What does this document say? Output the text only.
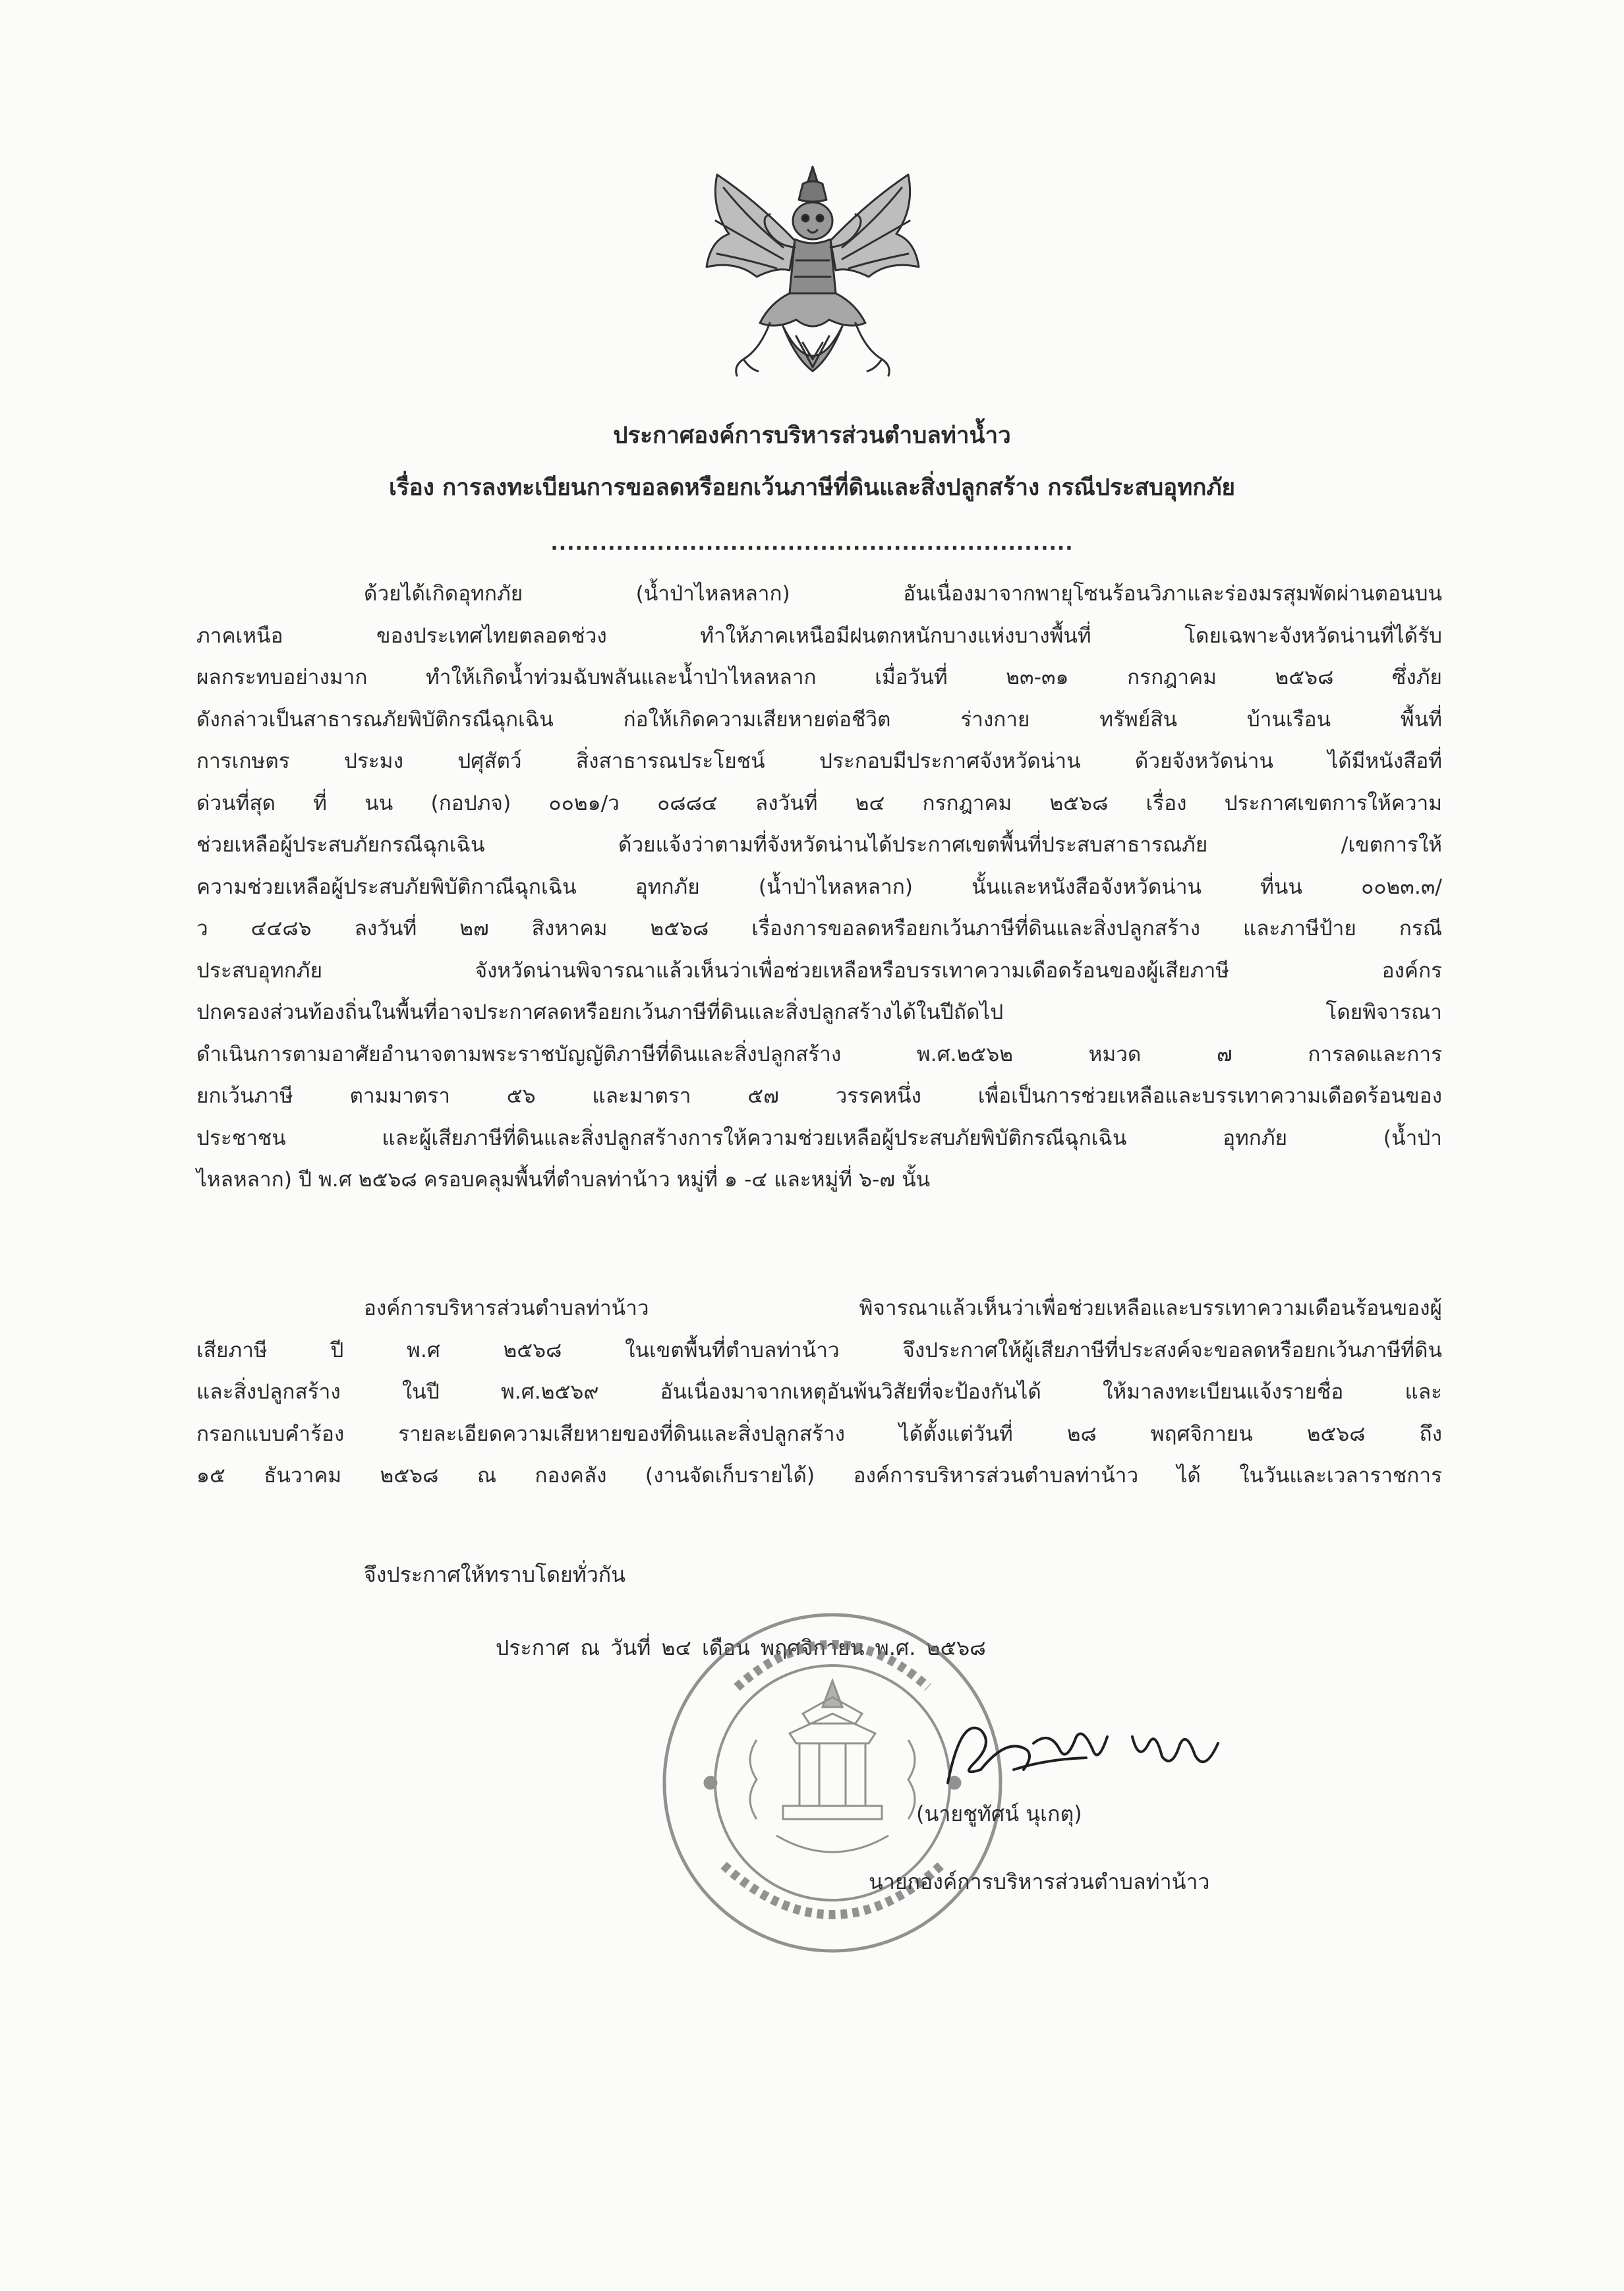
ประกาศองค์การบริหารส่วนตำบลท่าน้ำว
เรื่อง การลงทะเบียนการขอลดหรือยกเว้นภาษีที่ดินและสิ่งปลูกสร้าง กรณีประสบอุทกภัย
................................................................
ด้วยได้เกิดอุทกภัย (น้ำป่าไหลหลาก) อันเนื่องมาจากพายุโซนร้อนวิภาและร่องมรสุมพัดผ่านตอนบน
ภาคเหนือ ของประเทศไทยตลอดช่วง ทำให้ภาคเหนือมีฝนตกหนักบางแห่งบางพื้นที่ โดยเฉพาะจังหวัดน่านที่ได้รับ
ผลกระทบอย่างมาก ทำให้เกิดน้ำท่วมฉับพลันและน้ำป่าไหลหลาก เมื่อวันที่ ๒๓-๓๑ กรกฎาคม ๒๕๖๘ ซึ่งภัย
ดังกล่าวเป็นสาธารณภัยพิบัติกรณีฉุกเฉิน ก่อให้เกิดความเสียหายต่อชีวิต ร่างกาย ทรัพย์สิน บ้านเรือน พื้นที่
การเกษตร ประมง ปศุสัตว์ สิ่งสาธารณประโยชน์ ประกอบมีประกาศจังหวัดน่าน ด้วยจังหวัดน่าน ได้มีหนังสือที่
ด่วนที่สุด ที่ นน (กอปภจ) ๐๐๒๑/ว ๐๘๘๔ ลงวันที่ ๒๔ กรกฎาคม ๒๕๖๘ เรื่อง ประกาศเขตการให้ความ
ช่วยเหลือผู้ประสบภัยกรณีฉุกเฉิน ด้วยแจ้งว่าตามที่จังหวัดน่านได้ประกาศเขตพื้นที่ประสบสาธารณภัย /เขตการให้
ความช่วยเหลือผู้ประสบภัยพิบัติกาณีฉุกเฉิน อุทกภัย (น้ำป่าไหลหลาก) นั้นและหนังสือจังหวัดน่าน ที่นน ๐๐๒๓.๓/
ว ๔๔๘๖ ลงวันที่ ๒๗ สิงหาคม ๒๕๖๘ เรื่องการขอลดหรือยกเว้นภาษีที่ดินและสิ่งปลูกสร้าง และภาษีป้าย กรณี
ประสบอุทกภัย จังหวัดน่านพิจารณาแล้วเห็นว่าเพื่อช่วยเหลือหรือบรรเทาความเดือดร้อนของผู้เสียภาษี องค์กร
ปกครองส่วนท้องถิ่นในพื้นที่อาจประกาศลดหรือยกเว้นภาษีที่ดินและสิ่งปลูกสร้างได้ในปีถัดไป โดยพิจารณา
ดำเนินการตามอาศัยอำนาจตามพระราชบัญญัติภาษีที่ดินและสิ่งปลูกสร้าง พ.ศ.๒๕๖๒ หมวด ๗ การลดและการ
ยกเว้นภาษี ตามมาตรา ๕๖ และมาตรา ๕๗ วรรคหนึ่ง เพื่อเป็นการช่วยเหลือและบรรเทาความเดือดร้อนของ
ประชาชน และผู้เสียภาษีที่ดินและสิ่งปลูกสร้างการให้ความช่วยเหลือผู้ประสบภัยพิบัติกรณีฉุกเฉิน อุทกภัย (น้ำป่า
ไหลหลาก) ปี พ.ศ ๒๕๖๘ ครอบคลุมพื้นที่ตำบลท่าน้าว หมู่ที่ ๑ -๔ และหมู่ที่ ๖-๗ นั้น
องค์การบริหารส่วนตำบลท่าน้าว พิจารณาแล้วเห็นว่าเพื่อช่วยเหลือและบรรเทาความเดือนร้อนของผู้
เสียภาษี ปี พ.ศ ๒๕๖๘ ในเขตพื้นที่ตำบลท่าน้าว จึงประกาศให้ผู้เสียภาษีที่ประสงค์จะขอลดหรือยกเว้นภาษีที่ดิน
และสิ่งปลูกสร้าง ในปี พ.ศ.๒๕๖๙ อันเนื่องมาจากเหตุอันพ้นวิสัยที่จะป้องกันได้ ให้มาลงทะเบียนแจ้งรายชื่อ และ
กรอกแบบคำร้อง รายละเอียดความเสียหายของที่ดินและสิ่งปลูกสร้าง ได้ตั้งแต่วันที่ ๒๘ พฤศจิกายน ๒๕๖๘ ถึง
๑๕ ธันวาคม ๒๕๖๘ ณ กองคลัง (งานจัดเก็บรายได้) องค์การบริหารส่วนตำบลท่าน้าว ได้ ในวันและเวลาราชการ
จึงประกาศให้ทราบโดยทั่วกัน
ประกาศ ณ วันที่ ๒๔ เดือน พฤศจิกายน พ.ศ. ๒๕๖๘
(นายชูทัศน์ นุเกตุ)
นายกองค์การบริหารส่วนตำบลท่าน้าว
